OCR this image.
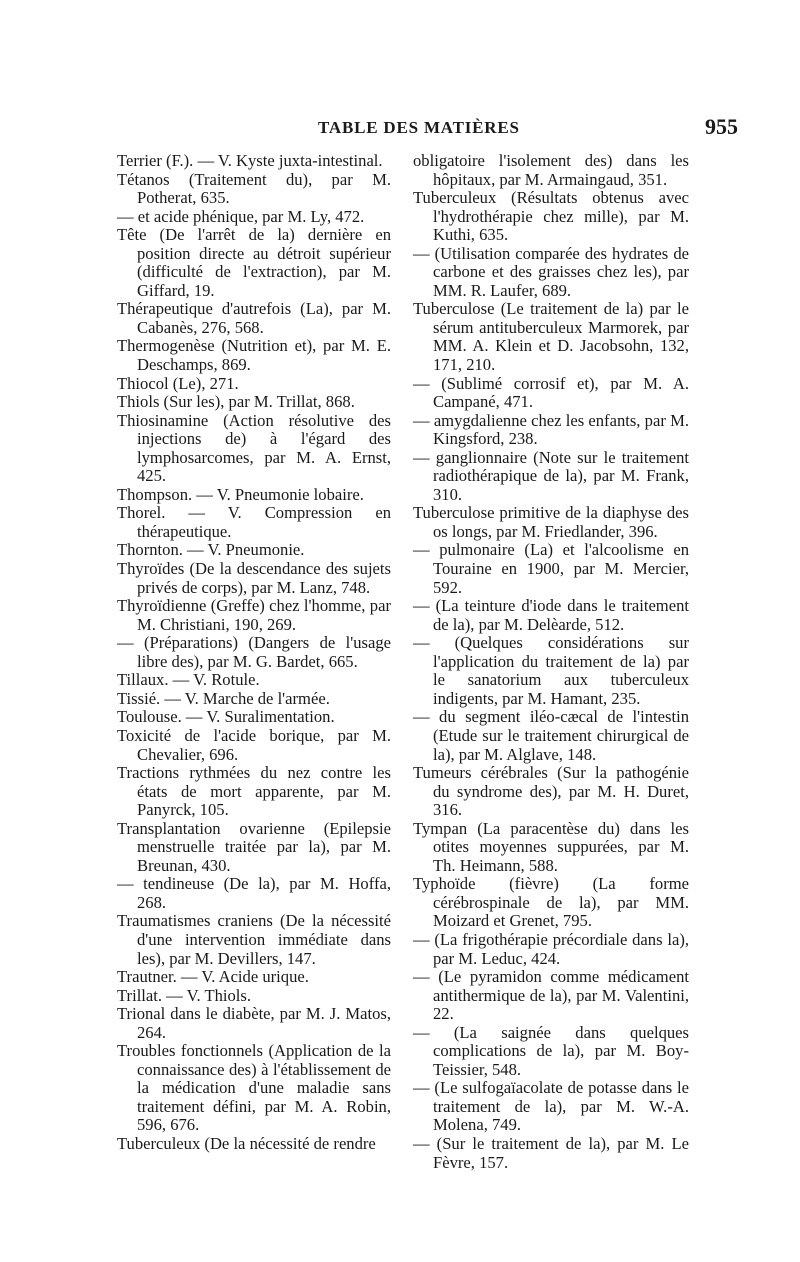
TABLE DES MATIÈRES	955

Terrier (F.). — V. Kyste juxta-intestinal.

Tétanos (Traitement du), par M. Potherat, 635.

— et acide phénique, par M. Ly, 472.

Tête (De l'arrêt de la) dernière en position directe au détroit supérieur (difficulté de l'extraction), par M. Giffard, 19.

Thérapeutique d'autrefois (La), par M. Cabanès, 276, 568.

Thermogenèse (Nutrition et), par M. E. Deschamps, 869.

Thiocol (Le), 271.

Thiols (Sur les), par M. Trillat, 868.

Thiosinamine (Action résolutive des injections de) à l'égard des lymphosarcomes, par M. A. Ernst, 425.

Thompson. — V. Pneumonie lobaire.

Thorel. — V. Compression en thérapeutique.

Thornton. — V. Pneumonie.

Thyroïdes (De la descendance des sujets privés de corps), par M. Lanz, 748.

Thyroïdienne (Greffe) chez l'homme, par M. Christiani, 190, 269.

— (Préparations) (Dangers de l'usage libre des), par M. G. Bardet, 665.

Tillaux. — V. Rotule.

Tissié. — V. Marche de l'armée.

Toulouse. — V. Suralimentation.

Toxicité de l'acide borique, par M. Chevalier, 696.

Tractions rythmées du nez contre les états de mort apparente, par M. Panyrck, 105.

Transplantation ovarienne (Epilepsie menstruelle traitée par la), par M. Breunan, 430.

— tendineuse (De la), par M. Hoffa, 268.

Traumatismes craniens (De la nécessité d'une intervention immédiate dans les), par M. Devillers, 147.

Trautner. — V. Acide urique.

Trillat. — V. Thiols.

Trional dans le diabète, par M. J. Matos, 264.

Troubles fonctionnels (Application de la connaissance des) à l'établissement de la médication d'une maladie sans traitement défini, par M. A. Robin, 596, 676.

Tuberculeux (De la nécessité de rendre

obligatoire l'isolement des) dans les hôpitaux, par M. Armaingaud, 351.

Tuberculeux (Résultats obtenus avec l'hydrothérapie chez mille), par M. Kuthi, 635.

— (Utilisation comparée des hydrates de carbone et des graisses chez les), par MM. R. Laufer, 689.

Tuberculose (Le traitement de la) par le sérum antituberculeux Marmorek, par MM. A. Klein et D. Jacobsohn, 132, 171, 210.

— (Sublimé corrosif et), par M. A. Campané, 471.

— amygdalienne chez les enfants, par M. Kingsford, 238.

— ganglionnaire (Note sur le traitement radiothérapique de la), par M. Frank, 310.

Tuberculose primitive de la diaphyse des os longs, par M. Friedlander, 396.

— pulmonaire (La) et l'alcoolisme en Touraine en 1900, par M. Mercier, 592.

— (La teinture d'iode dans le traitement de la), par M. Delèarde, 512.

— (Quelques considérations sur l'application du traitement de la) par le sanatorium aux tuberculeux indigents, par M. Hamant, 235.

— du segment iléo-cæcal de l'intestin (Etude sur le traitement chirurgical de la), par M. Alglave, 148.

Tumeurs cérébrales (Sur la pathogénie du syndrome des), par M. H. Duret, 316.

Tympan (La paracentèse du) dans les otites moyennes suppurées, par M. Th. Heimann, 588.

Typhoïde (fièvre) (La forme cérébrospinale de la), par MM. Moizard et Grenet, 795.

— (La frigothérapie précordiale dans la), par M. Leduc, 424.

— (Le pyramidon comme médicament antithermique de la), par M. Valentini, 22.

— (La saignée dans quelques complications de la), par M. Boy-Teissier, 548.

— (Le sulfogaïacolate de potasse dans le traitement de la), par M. W.-A. Molena, 749.

— (Sur le traitement de la), par M. Le Fèvre, 157.
